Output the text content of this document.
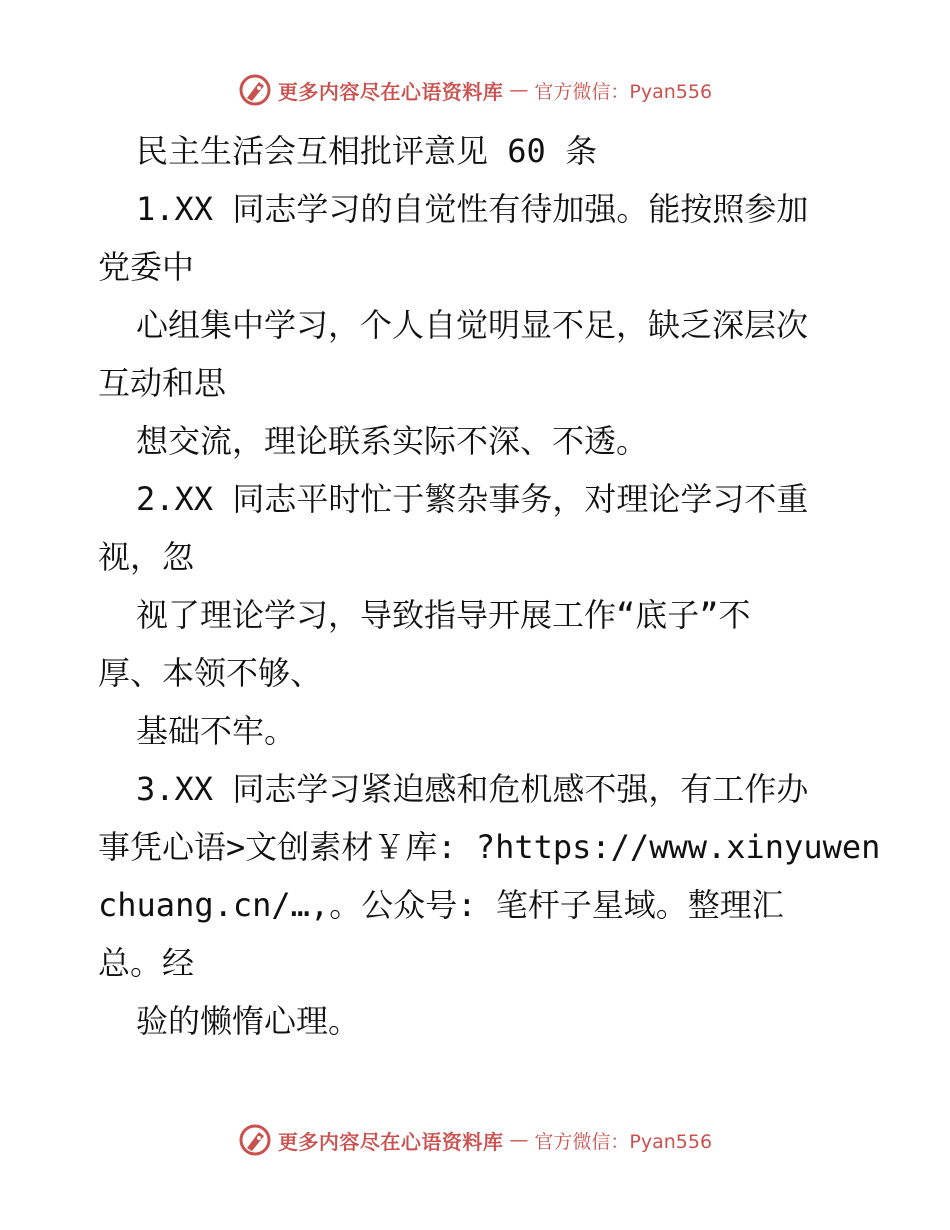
更多内容尽在心语资料库 — 官方微信：Pyan556
民主生活会互相批评意见 60 条
1.XX 同志学习的自觉性有待加强。能按照参加
党委中
心组集中学习，个人自觉明显不足，缺乏深层次
互动和思
想交流，理论联系实际不深、不透。
2.XX 同志平时忙于繁杂事务，对理论学习不重
视，忽
视了理论学习，导致指导开展工作“底子”不
厚、本领不够、
基础不牢。
3.XX 同志学习紧迫感和危机感不强，有工作办
事凭心语>文创素材￥库: ?https://www.xinyuwen
chuang.cn/…,。公众号: 笔杆子星域。整理汇
总。经
验的懒惰心理。
更多内容尽在心语资料库 — 官方微信：Pyan556
